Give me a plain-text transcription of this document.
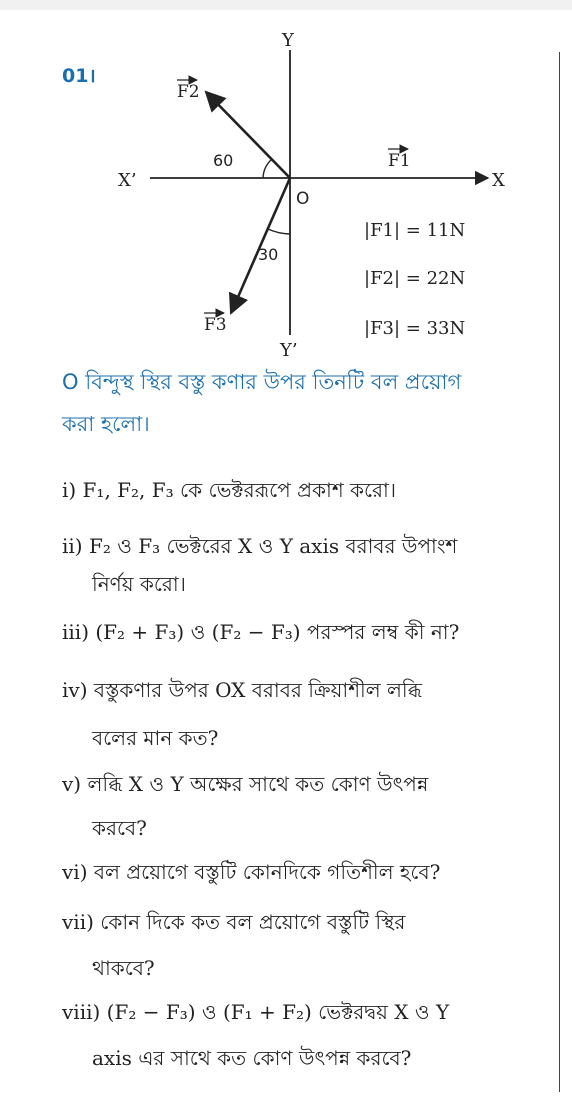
01।
Y
Y’
X
X’
O
F2
F1
F3
60
30
|F1| = 11N
|F2| = 22N
|F3| = 33N
O বিন্দুস্থ স্থির বস্তু কণার উপর তিনটি বল প্রয়োগ
করা হলো।
i) F₁, F₂, F₃ কে ভেক্টররূপে প্রকাশ করো।
ii) F₂ ও F₃ ভেক্টরের X ও Y axis বরাবর উপাংশ
নির্ণয় করো।
iii) (F₂ + F₃) ও (F₂ − F₃) পরস্পর লম্ব কী না?
iv) বস্তুকণার উপর OX বরাবর ক্রিয়াশীল লব্ধি
বলের মান কত?
v) লব্ধি X ও Y অক্ষের সাথে কত কোণ উৎপন্ন
করবে?
vi) বল প্রয়োগে বস্তুটি কোনদিকে গতিশীল হবে?
vii) কোন দিকে কত বল প্রয়োগে বস্তুটি স্থির
থাকবে?
viii) (F₂ − F₃) ও (F₁ + F₂) ভেক্টরদ্বয় X ও Y
axis এর সাথে কত কোণ উৎপন্ন করবে?
